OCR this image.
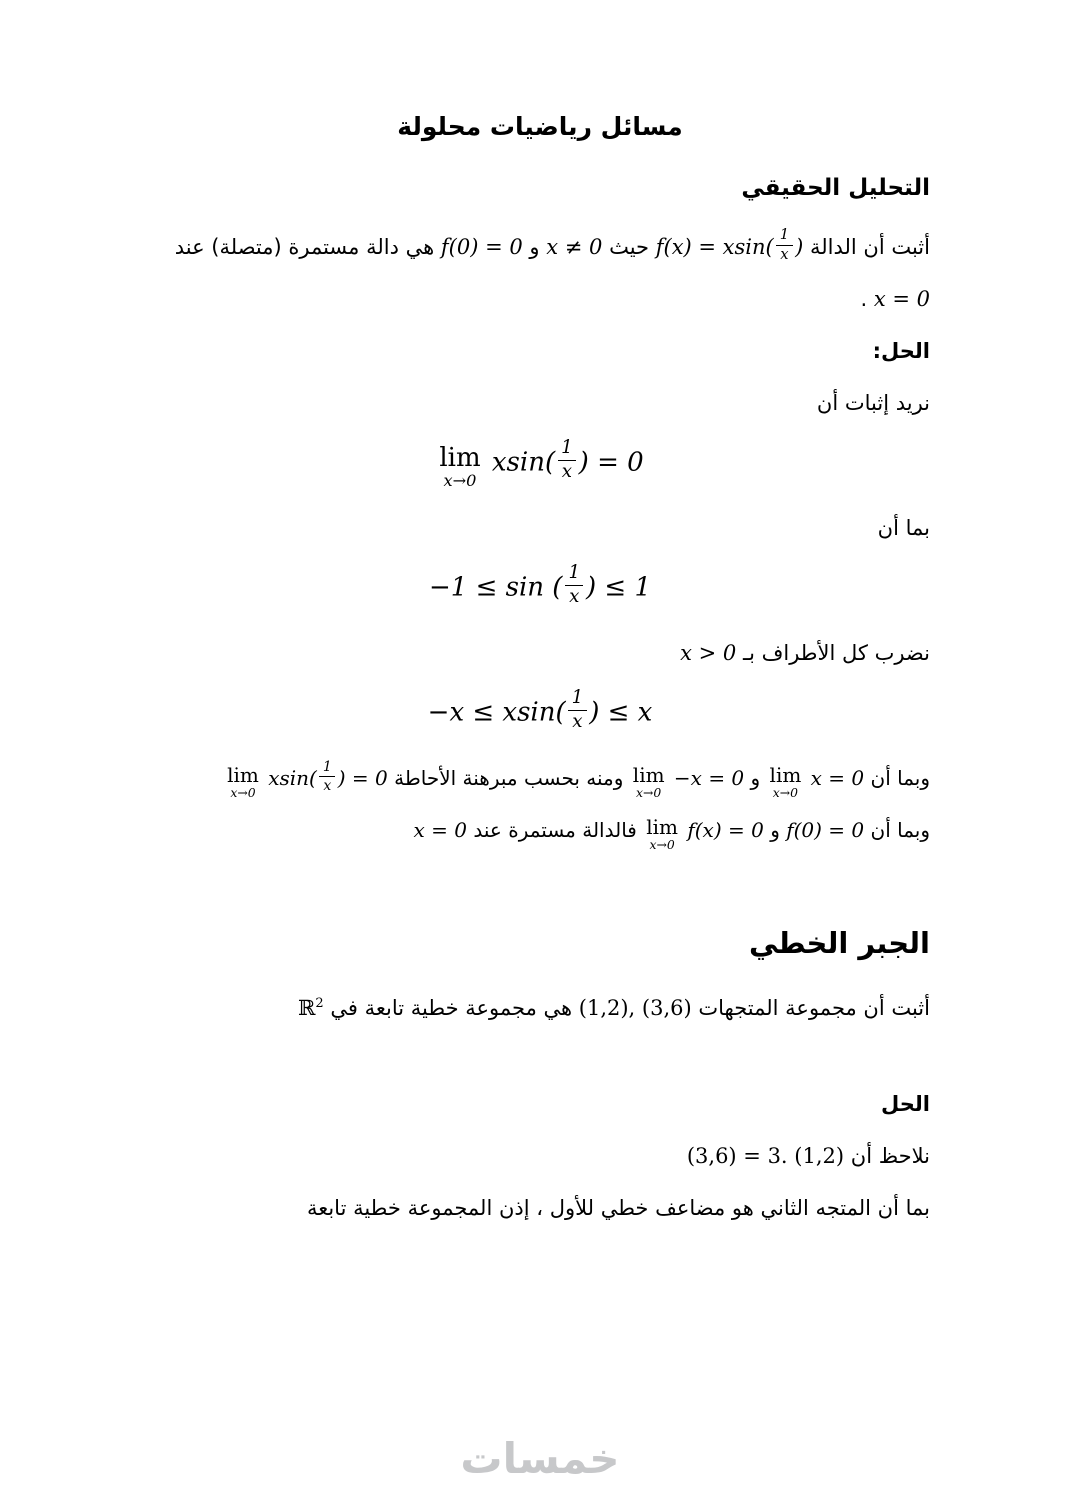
مسائل رياضيات محلولة
التحليل الحقيقي

أثبت أن الدالة $f(x) = xsin( \frac{1}{x}$ ) حيث x ≠ 0 و f(0) = 0 هي دالة مستمرة (متصلة) عند

x = 0 .

الحل:

نريد إثبات أن

lim
x→0
$xsin( \frac{1}{x}$ ) = 0

بما أن

−1 ≤ sin ( $\frac{1}{x}$ ) ≤ 1

نضرب كل الأطراف بـ x > 0

$-x \le xsin( \frac{1}{x}$ ) ≤ x

وبما أن
lim
x→0
x = 0 و
lim
x→0
−x = 0 ومنه بحسب مبرهنة الأحاطة
lim
x→0
$xsin( \frac{1}{x}$ ) = 0

وبما أن f(0) = 0 و
lim
x→0
f(x) = 0 فالدالة مستمرة عند x = 0

الجبر الخطي

أثبت أن مجموعة المتجهات (1,2), (3,6) هي مجموعة خطية تابعة في ℝ$^2$

الحل

نلاحظ أن (3,6) = 3. (1,2)

بما أن المتجه الثاني هو مضاعف خطي للأول ، إذن المجموعة خطية تابعة

خمسات
